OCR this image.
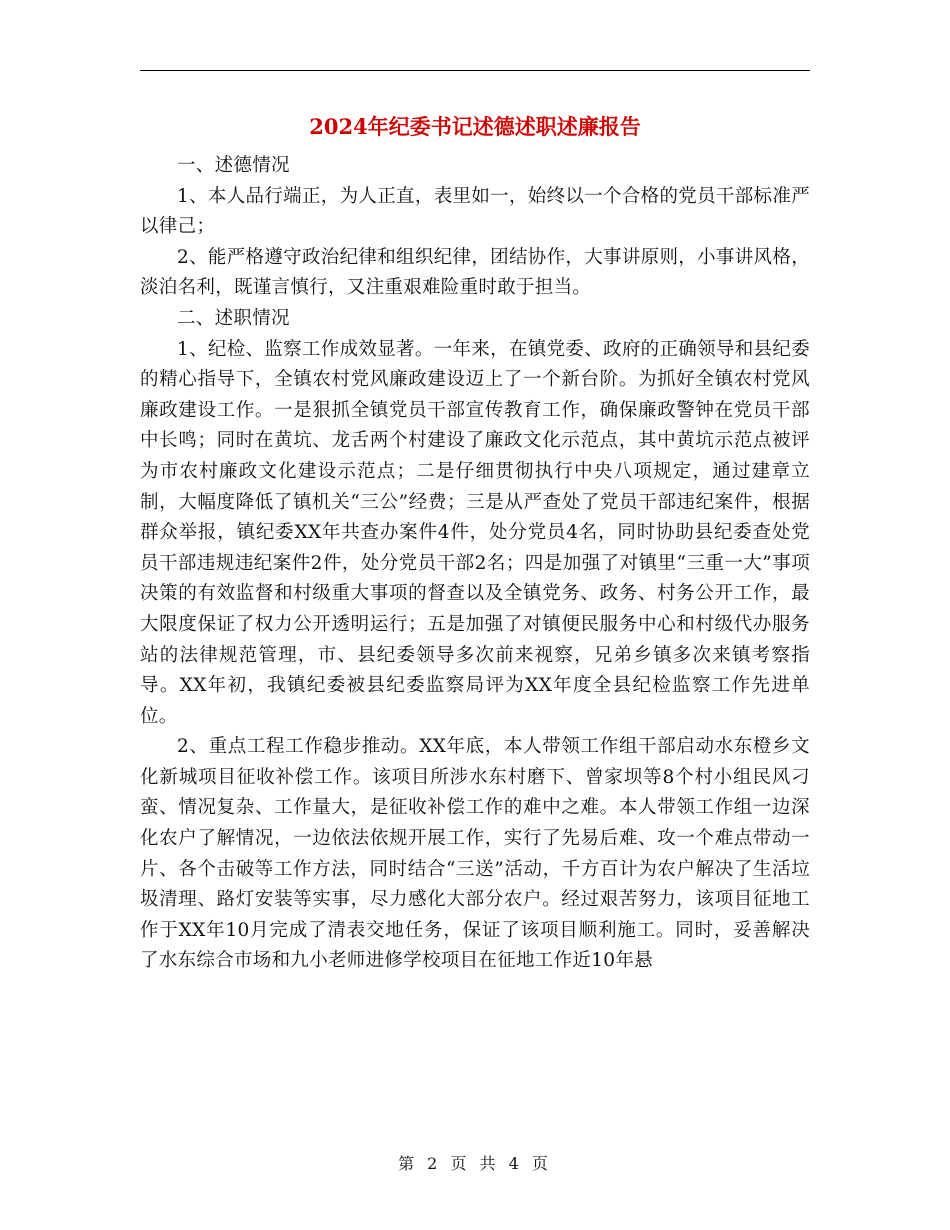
2024年纪委书记述德述职述廉报告

一、述德情况

1、本人品行端正，为人正直，表里如一，始终以一个合格的党员干部标准严以律己；

2、能严格遵守政治纪律和组织纪律，团结协作，大事讲原则，小事讲风格，淡泊名利，既谨言慎行，又注重艰难险重时敢于担当。

二、述职情况

1、纪检、监察工作成效显著。一年来，在镇党委、政府的正确领导和县纪委的精心指导下，全镇农村党风廉政建设迈上了一个新台阶。为抓好全镇农村党风廉政建设工作。一是狠抓全镇党员干部宣传教育工作，确保廉政警钟在党员干部中长鸣；同时在黄坑、龙舌两个村建设了廉政文化示范点，其中黄坑示范点被评为市农村廉政文化建设示范点；二是仔细贯彻执行中央八项规定，通过建章立制，大幅度降低了镇机关“三公”经费；三是从严查处了党员干部违纪案件，根据群众举报，镇纪委XX年共查办案件4件，处分党员4名，同时协助县纪委查处党员干部违规违纪案件2件，处分党员干部2名；四是加强了对镇里“三重一大”事项决策的有效监督和村级重大事项的督查以及全镇党务、政务、村务公开工作，最大限度保证了权力公开透明运行；五是加强了对镇便民服务中心和村级代办服务站的法律规范管理，市、县纪委领导多次前来视察，兄弟乡镇多次来镇考察指导。XX年初，我镇纪委被县纪委监察局评为XX年度全县纪检监察工作先进单位。

2、重点工程工作稳步推动。XX年底，本人带领工作组干部启动水东橙乡文化新城项目征收补偿工作。该项目所涉水东村磨下、曾家坝等8个村小组民风刁蛮、情况复杂、工作量大，是征收补偿工作的难中之难。本人带领工作组一边深化农户了解情况，一边依法依规开展工作，实行了先易后难、攻一个难点带动一片、各个击破等工作方法，同时结合“三送”活动，千方百计为农户解决了生活垃圾清理、路灯安装等实事，尽力感化大部分农户。经过艰苦努力，该项目征地工作于XX年10月完成了清表交地任务，保证了该项目顺利施工。同时，妥善解决了水东综合市场和九小老师进修学校项目在征地工作近10年悬

第 2 页 共 4 页
